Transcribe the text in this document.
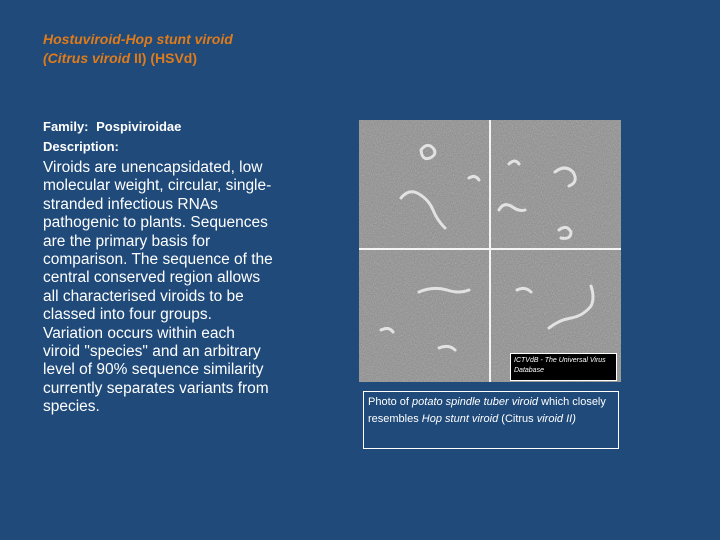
Hostuviroid-Hop stunt viroid
(Citrus viroid II) (HSVd)
Family: Pospiviroidae
Description:
Viroids are unencapsidated, low molecular weight, circular, single-stranded infectious RNAs pathogenic to plants. Sequences are the primary basis for comparison. The sequence of the central conserved region allows all characterised viroids to be classed into four groups. Variation occurs within each viroid "species" and an arbitrary level of 90% sequence similarity currently separates variants from species.
ICTVdB - The Universal Virus Database
Photo of potato spindle tuber viroid which closely resembles Hop stunt viroid (Citrus viroid II)
